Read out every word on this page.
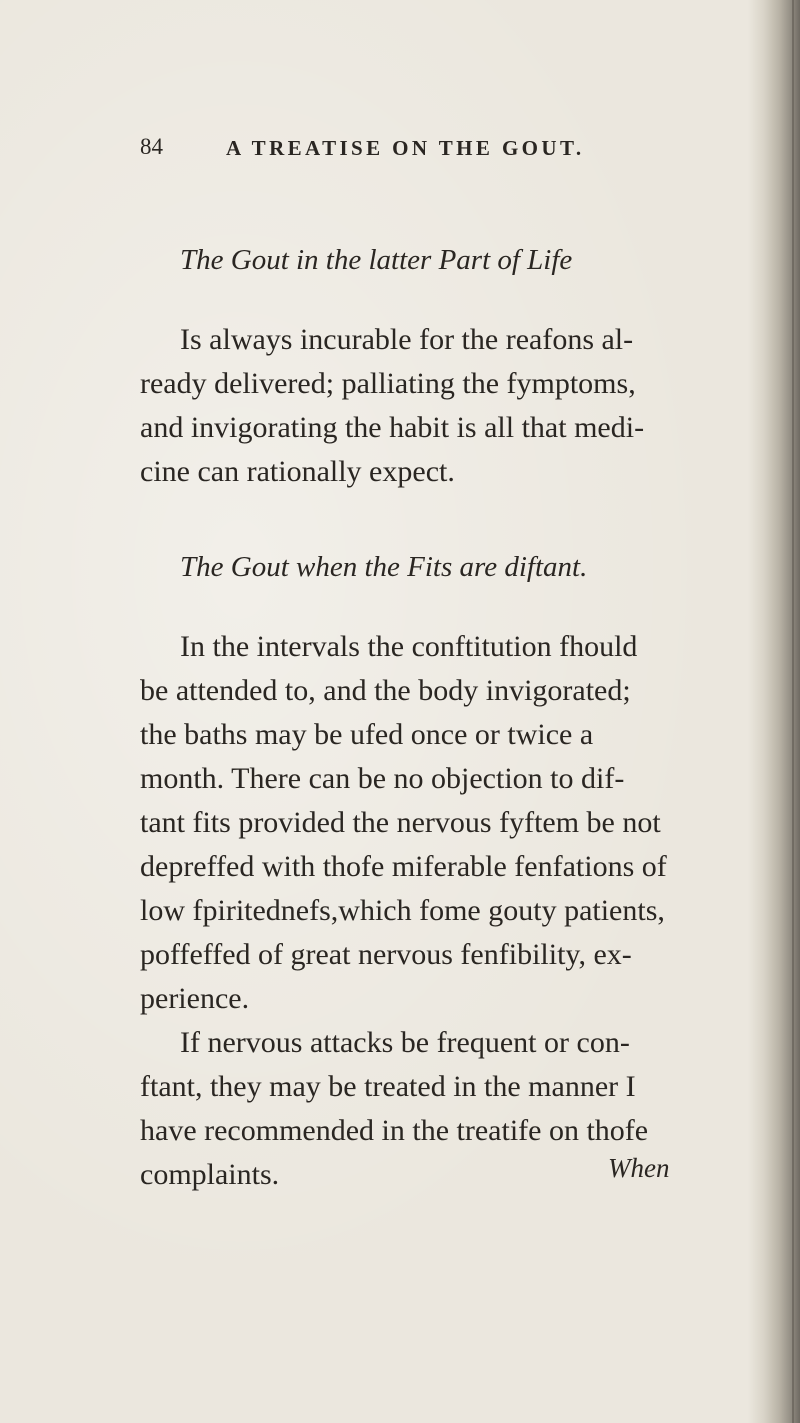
84	A TREATISE ON THE GOUT.
The Gout in the latter Part of Life
Is always incurable for the reafons al-
ready delivered; palliating the fymptoms,
and invigorating the habit is all that medi-
cine can rationally expect.
The Gout when the Fits are diftant.
In the intervals the conftitution fhould
be attended to, and the body invigorated;
the baths may be ufed once or twice a
month. There can be no objection to dif-
tant fits provided the nervous fyftem be not
depreffed with thofe miferable fenfations of
low fpiritednefs,which fome gouty patients,
poffeffed of great nervous fenfibility, ex-
perience.
If nervous attacks be frequent or con-
ftant, they may be treated in the manner I
have recommended in the treatife on thofe
complaints.	When
